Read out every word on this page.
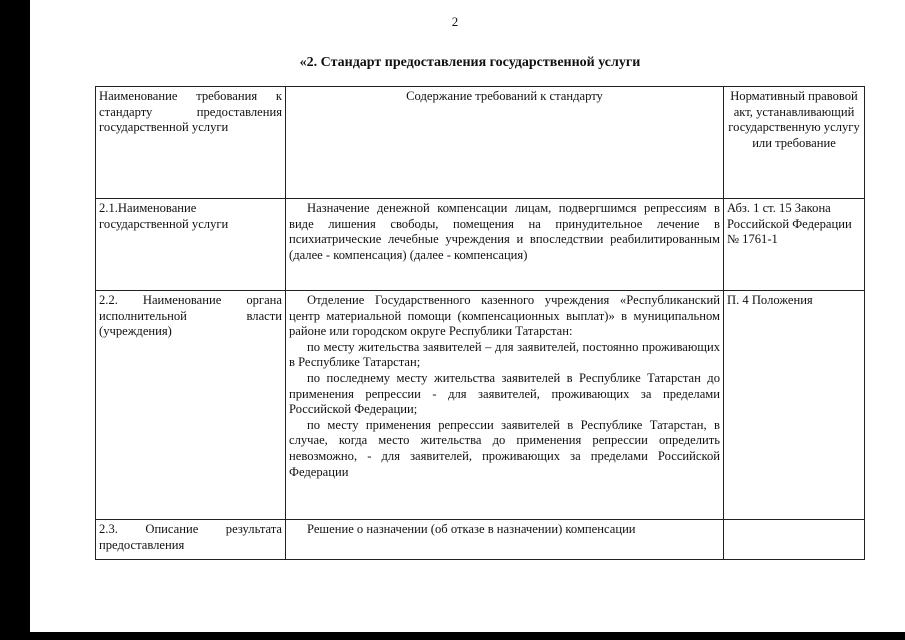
2
«2. Стандарт предоставления государственной услуги
Наименование требования к стандарту предоставления государственной услуги	Содержание требований к стандарту	Нормативный правовой акт, устанавливающий государственную услугу или требование
2.1.Наименование государственной услуги	Назначение денежной компенсации лицам, подвергшимся репрессиям в виде лишения свободы, помещения на принудительное лечение в психиатрические лечебные учреждения и впоследствии реабилитированным (далее - компенсация) (далее - компенсация)	Абз. 1 ст. 15 Закона Российской Федерации № 1761-1
2.2. Наименование органа исполнительной власти (учреждения)	Отделение Государственного казенного учреждения «Республиканский центр материальной помощи (компенсационных выплат)» в муниципальном районе или городском округе Республики Татарстан:

по месту жительства заявителей – для заявителей, постоянно проживающих в Республике Татарстан;

по последнему месту жительства заявителей в Республике Татарстан до применения репрессии - для заявителей, проживающих за пределами Российской Федерации;

по месту применения репрессии заявителей в Республике Татарстан, в случае, когда место жительства до применения репрессии определить невозможно, - для заявителей, проживающих за пределами Российской Федерации	П. 4 Положения
2.3. Описание результата предоставления	Решение о назначении (об отказе в назначении) компенсации	
